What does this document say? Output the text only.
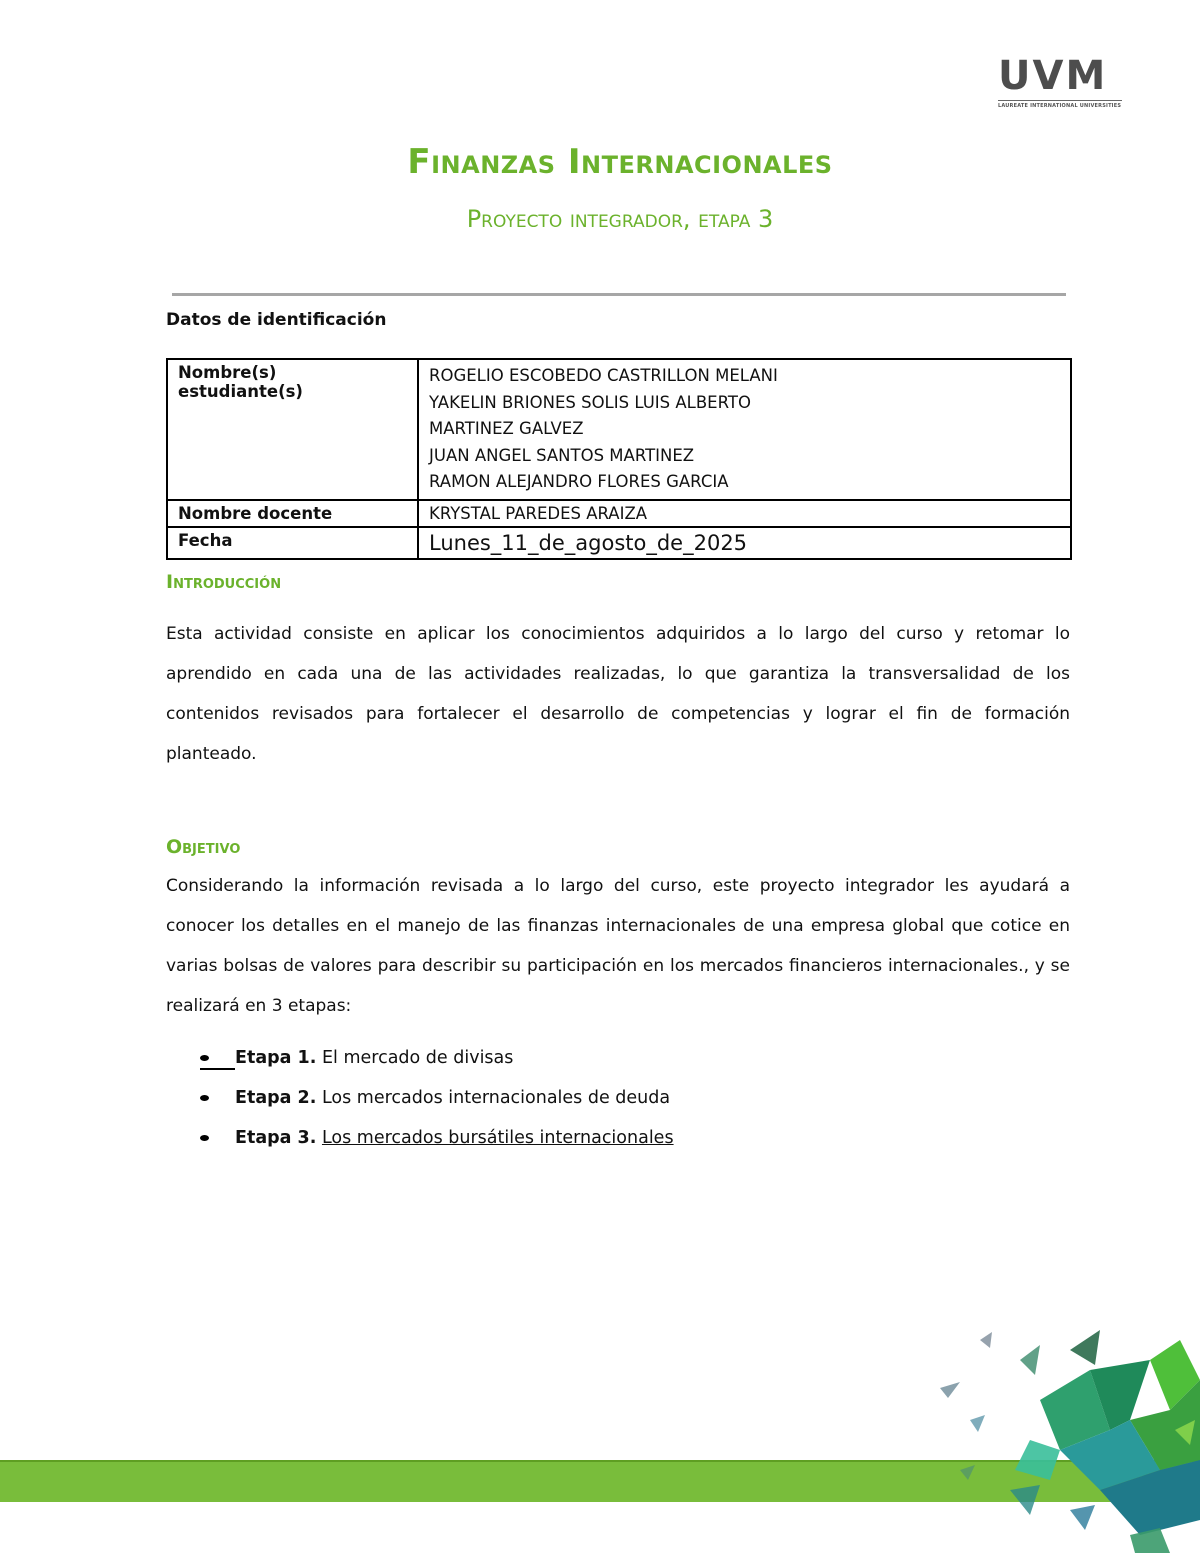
UVM
LAUREATE INTERNATIONAL UNIVERSITIES
Finanzas Internacionales
Proyecto integrador, etapa 3
Datos de identificación
Nombre(s) estudiante(s)	ROGELIO ESCOBEDO CASTRILLON MELANI
YAKELIN BRIONES SOLIS LUIS ALBERTO
MARTINEZ GALVEZ
JUAN ANGEL SANTOS MARTINEZ
RAMON ALEJANDRO FLORES GARCIA

Nombre docente	KRYSTAL PAREDES ARAIZA
Fecha	Lunes_11_de_agosto_de_2025
Introducción
Esta actividad consiste en aplicar los conocimientos adquiridos a lo largo del curso y retomar lo aprendido en cada una de las actividades realizadas, lo que garantiza la transversalidad de los contenidos revisados para fortalecer el desarrollo de competencias y lograr el fin de formación planteado.
Objetivo
Considerando la información revisada a lo largo del curso, este proyecto integrador les ayudará a conocer los detalles en el manejo de las finanzas internacionales de una empresa global que cotice en varias bolsas de valores para describir su participación en los mercados financieros internacionales., y se realizará en 3 etapas:
Etapa 1. El mercado de divisas
Etapa 2. Los mercados internacionales de deuda
Etapa 3. Los mercados bursátiles internacionales
